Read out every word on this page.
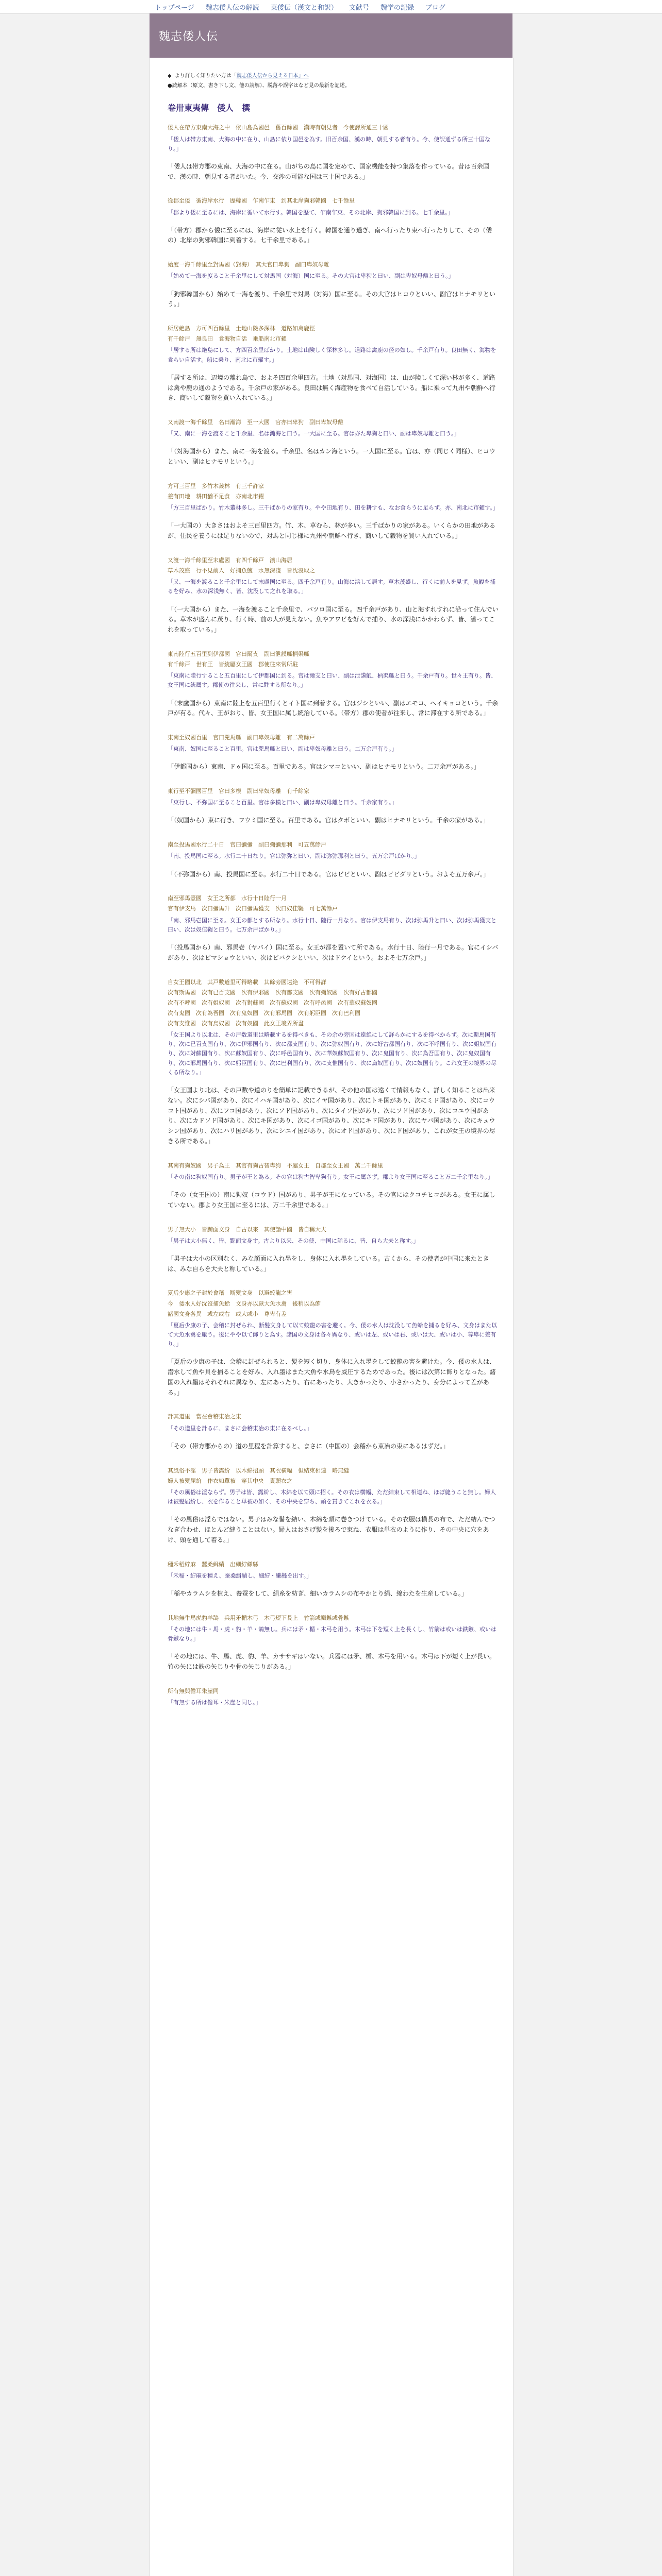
トップページ 魏志倭人伝の解読 東倭伝（漢文と和訳） 文献号 魏学の記録 ブログ
魏志倭人伝
◆ より詳しく知りたい方は「魏志倭人伝から見える日本」へ
●読解本（原文、書き下し文、他の読解）、脱落や誤字はなど見の最新を記述。
卷卅東夷傳　倭人　撰
倭人在帶方東南大海之中　依山島為國邑　舊百餘國　漢時有朝見者　今使譯所通三十國
「倭人は帯方東南、大海の中に在り、山島に依り国邑を為す。旧百余国、漢の時、朝見する者有り。今、使訳通ずる所三十国なり。」
「倭人は帯方郡の東南、大海の中に在る。山がちの島に国を定めて、国家機能を持つ集落を作っている。昔は百余国で、漢の時、朝見する者がいた。今、交渉の可能な国は三十国である。」
從郡至倭　循海岸水行　歴韓國　乍南乍東　到其北岸狗邪韓國　七千餘里
「郡より倭に至るには、海岸に循いて水行す。韓国を歴て、乍南乍東、その北岸、狗邪韓国に到る。七千余里。」
「（帯方）郡から倭に至るには、海岸に従い水上を行く。韓国を通り過ぎ、南へ行ったり東へ行ったりして、その（倭の）北岸の狗邪韓国に到着する。七千余里である。」
始度一海千餘里至對馬國（對海）　其大官曰卑狗　副曰卑奴母離
「始めて一海を度ること千余里にして対馬国（対海）国に至る。その大官は卑狗と曰い、副は卑奴母離と曰う。」
「狗邪韓国から）始めて一海を渡り、千余里で対馬（対海）国に至る。その大官はヒコウといい、副官はヒナモリという。」
所居絶島　方可四百餘里　土地山險多深林　道路如禽鹿徑
有千餘戸　無良田　食海物自活　乗船南北市糴
「居する所は絶島にして、方四百余里ばかり。土地は山険しく深林多し。道路は禽鹿の径の如し。千余戸有り。良田無く、海物を食らい自活す。船に乗り、南北に市糴す。」
「居する所は、辺境の離れ島で、およそ四百余里四方。土地（対馬国、対海国）は、山が険しくて深い林が多く、道路は禽や鹿の通のようである。千余戸の家がある。良田は無く海産物を食べて自活している。船に乗って九州や朝鮮へ行き、商いして穀物を買い入れている。」
又南渡一海千餘里　名曰瀚海　至一大國　官亦曰卑狗　副曰卑奴母離
「又、南に一海を渡ること千余里、名は瀚海と曰う。一大国に至る。官は亦た卑狗と曰い、副は卑奴母離と曰う。」
「（対海国から）また、南に一海を渡る。千余里、名はカン海という。一大国に至る。官は、亦（同じく同様）、ヒコウといい、副はヒナモリという。」
方可三百里　多竹木叢林　有三千許家
差有田地　耕田猶不足食　亦南北市糴
「方三百里ばかり。竹木叢林多し。三千ばかりの家有り。やや田地有り、田を耕すも、なお食らうに足らず。亦、南北に市糴す。」
「一大国の）大きさはおよそ三百里四方。竹、木、草むら、林が多い。三千ばかりの家がある。いくらかの田地があるが、住民を養うには足りないので、対馬と同じ様に九州や朝鮮へ行き、商いして穀物を買い入れている。」
又渡一海千餘里至末盧國　有四千餘戸　濱山海居
草木茂盛　行不見前人　好捕魚鰒　水無深淺　皆沈沒取之
「又、一海を渡ること千余里にして末盧国に至る。四千余戸有り。山海に浜して居す。草木茂盛し、行くに前人を見ず。魚鰒を捕るを好み、水の深浅無く、皆、沈没して之れを取る。」
「（一大国から）また、一海を渡ること千余里で、バツロ国に至る。四千余戸があり、山と海すれすれに沿って住んでいる。草木が盛んに茂り、行く時、前の人が見えない。魚やアワビを好んで捕り、水の深浅にかかわらず、皆、潜ってこれを取っている。」
東南陸行五百里到伊都國　官曰爾支　副曰泄謨觚柄渠觚
有千餘戸　世有王　皆統屬女王國　郡使往來常所駐
「東南に陸行すること五百里にして伊都国に到る。官は爾支と曰い、副は泄謨觚、柄渠觚と曰う。千余戸有り。世々王有り。皆、女王国に統属す。郡使の往来し、常に駐する所なり。」
「（末盧国から）東南に陸上を五百里行くとイト国に到着する。官はジシといい、副はエモコ、ヘイキョコという。千余戸が有る。代々、王がおり、皆、女王国に属し統治している。（帯方）郡の使者が往来し、常に滞在する所である。」
東南至奴國百里　官曰兕馬觚　副曰卑奴母離　有二萬餘戸
「東南、奴国に至ること百里。官は兕馬觚と曰い、副は卑奴母離と曰う。二万余戸有り。」
「伊都国から）東南、ドゥ国に至る。百里である。官はシマコといい、副はヒナモリという。二万余戸がある。」
東行至不彌國百里　官曰多模　副曰卑奴母離　有千餘家
「東行し、不弥国に至ること百里。官は多模と曰い、副は卑奴母離と曰う。千余家有り。」
「（奴国から）東に行き、フウミ国に至る。百里である。官はタボといい、副はヒナモリという。千余の家がある。」
南至投馬國水行二十日　官曰彌彌　副曰彌彌那利　可五萬餘戸
「南、投馬国に至る。水行二十日なり。官は弥弥と曰い、副は弥弥那利と曰う。五万余戸ばかり。」
「（不弥国から）南、投馬国に至る。水行二十日である。官はビビといい、副はビビダリという。およそ五万余戸。」
南至邪馬壹國　女王之所都　水行十日陸行一月
官有伊支馬　次曰彌馬升　次曰彌馬獲支　次曰奴佳鞮　可七萬餘戸
「南、邪馬壱国に至る。女王の都とする所なり。水行十日、陸行一月なり。官は伊支馬有り、次は弥馬升と曰い、次は弥馬獲支と曰い、次は奴佳鞮と曰う。七万余戸ばかり。」
「（投馬国から）南、邪馬壱（ヤバイ）国に至る。女王が都を置いて所である。水行十日、陸行一月である。官にイシバがあり、次はビマショウといい、次はビバクシといい、次はドケイという。およそ七万余戸。」
自女王國以北　其戸數道里可得略載　其餘旁國遠絶　不可得詳
次有斯馬國　次有已百支國　次有伊邪國　次有都支國　次有彌奴國　次有好古都國
次有不呼國　次有姐奴國　次有對蘇國　次有蘇奴國　次有呼邑國　次有華奴蘇奴國
次有鬼國　次有為吾國　次有鬼奴國　次有邪馬國　次有躬臣國　次有巴利國
次有支惟國　次有烏奴國　次有奴國　此女王境界所盡
「女王国より以北は、その戸数道里は略載するを得べきも、その余の旁国は遠絶にして詳らかにするを得べからず。次に斯馬国有り、次に已百支国有り、次に伊邪国有り、次に都支国有り、次に弥奴国有り、次に好古都国有り、次に不呼国有り、次に姐奴国有り、次に対蘇国有り、次に蘇奴国有り、次に呼邑国有り、次に華奴蘇奴国有り、次に鬼国有り、次に為吾国有り、次に鬼奴国有り、次に邪馬国有り、次に躬臣国有り、次に巴利国有り、次に支惟国有り、次に烏奴国有り、次に奴国有り。これ女王の境界の尽くる所なり。」
「女王国より北は、その戸数や道のりを簡単に記載できるが、その他の国は遠くて情報もなく、詳しく知ることは出来ない。次にシバ国があり、次にイハキ国があり、次にイヤ国があり、次にトキ国があり、次にミド国があり、次にコウコト国があり、次にフコ国があり、次にソド国があり、次にタイソ国があり、次にソド国があり、次にコユウ国があり、次にカドソド国があり、次にキ国があり、次にイゴ国があり、次にキド国があり、次にヤバ国があり、次にキュウシン国があり、次にハリ国があり、次にシユイ国があり、次にオド国があり、次にド国があり、これが女王の境界の尽きる所である。」
其南有狗奴國　男子為王　其官有狗古智卑狗　不屬女王　自郡至女王國　萬二千餘里
「その南に狗奴国有り。男子が王と為る。その官は狗古智卑狗有り。女王に属さず。郡より女王国に至ること万二千余里なり。」
「その（女王国の）南に狗奴（コウド）国があり、男子が王になっている。その官にはクコチヒコがある。女王に属していない。郡より女王国に至るには、万二千余里である。」
男子無大小　皆黥面文身　自古以來　其使詣中國　皆自稱大夫
「男子は大小無く、皆、黥面文身す。古より以来、その使、中国に詣るに、皆、自ら大夫と称す。」
「男子は大小の区別なく、みな顔面に入れ墨をし、身体に入れ墨をしている。古くから、その使者が中国に来たときは、みな自らを大夫と称している。」
夏后少康之子封於會稽　断髪文身　以避蛟龍之害
今　倭水人好沈沒捕魚蛤　文身亦以厭大魚水禽　後稍以為飾
諸國文身各異　或左或右　或大或小　尊卑有差
「夏后少康の子、会稽に封ぜられ、断髪文身して以て蛟龍の害を避く。今、倭の水人は沈没して魚蛤を捕るを好み、文身はまた以て大魚水禽を厭う。後にやや以て飾りと為す。諸国の文身は各々異なり、或いは左、或いは右、或いは大、或いは小、尊卑に差有り。」
「夏后の少康の子は、会稽に封ぜられると、髪を短く切り、身体に入れ墨をして蛟龍の害を避けた。今、倭の水人は、潜水して魚や貝を捕ることを好み、入れ墨はまた大魚や水鳥を威圧するためであった。後には次第に飾りとなった。諸国の入れ墨はそれぞれに異なり、左にあったり、右にあったり、大きかったり、小さかったり、身分によって差がある。」
計其道里　當在會稽東冶之東
「その道里を計るに、まさに会稽東冶の東に在るべし。」
「その（帯方郡からの）道の里程を計算すると、まさに（中国の）会稽から東冶の東にあるはずだ。」
其風俗不淫　男子皆露紒　以木綿招頭　其衣横幅　但結束相連　略無縫
婦人被髪屈紒　作衣如單被　穿其中央　貫頭衣之
「その風俗は淫ならず。男子は皆、露紒し、木綿を以て頭に招く。その衣は横幅、ただ結束して相連ね、ほぼ縫うこと無し。婦人は被髪屈紒し、衣を作ること単被の如く、その中央を穿ち、頭を貫きてこれを衣る。」
「その風俗は淫らではない。男子はみな髷を結い、木綿を頭に巻きつけている。その衣服は横長の布で、ただ結んでつなぎ合わせ、ほとんど縫うことはない。婦人はおさげ髪を後ろで束ね、衣服は単衣のように作り、その中央に穴をあけ、頭を通して着る。」
種禾稻紵麻　蠶桑緝績　出細紵縑緜
「禾稲・紵麻を種え、蚕桑緝績し、細紵・縑緜を出す。」
「稲やカラムシを植え、養蚕をして、絹糸を紡ぎ、細いカラムシの布やかとり絹、綿わたを生産している。」
其地無牛馬虎豹羊鵲　兵用矛楯木弓　木弓短下長上　竹箭或鐵鏃或骨鏃
「その地には牛・馬・虎・豹・羊・鵲無し。兵には矛・楯・木弓を用う。木弓は下を短く上を長くし、竹箭は或いは鉄鏃、或いは骨鏃なり。」
「その地には、牛、馬、虎、豹、羊、カササギはいない。兵器には矛、楯、木弓を用いる。木弓は下が短く上が長い。竹の矢には鉄の矢じりや骨の矢じりがある。」
所有無與儋耳朱崖同
「有無する所は儋耳・朱崖と同じ。」
